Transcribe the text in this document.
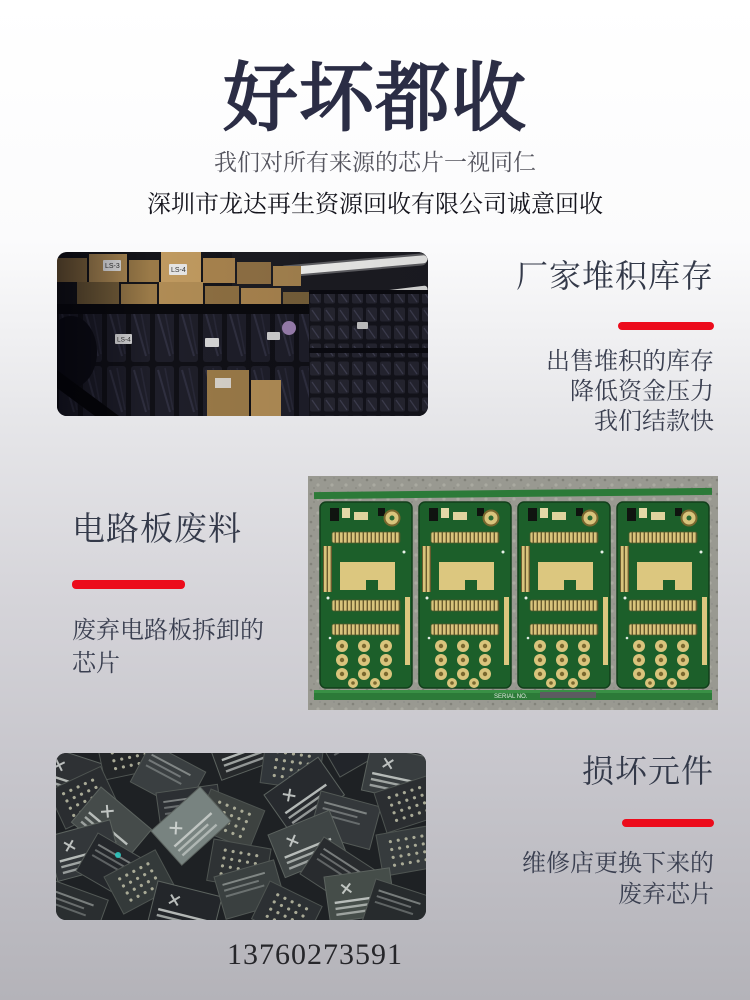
好坏都收

我们对所有来源的芯片一视同仁

深圳市龙达再生资源回收有限公司诚意回收

厂家堆积库存

出售堆积的库存

降低资金压力

我们结款快

电路板废料

废弃电路板拆卸的

芯片

SERIAL NO.
损坏元件

维修店更换下来的

废弃芯片

13760273591
